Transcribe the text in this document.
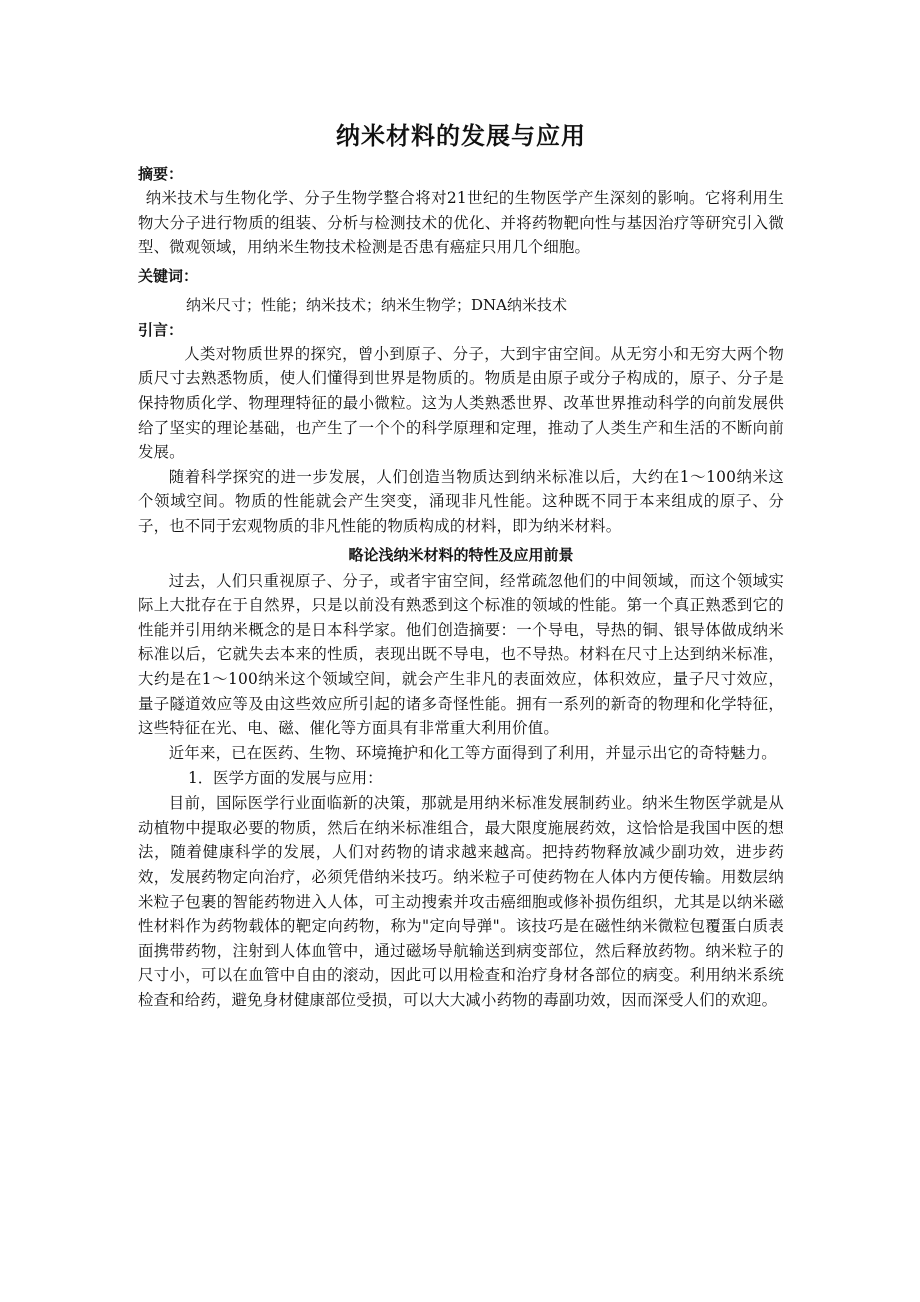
纳米材料的发展与应用

摘要：

纳米技术与生物化学、分子生物学整合将对21世纪的生物医学产生深刻的影响。它将利用生物大分子进行物质的组装、分析与检测技术的优化、并将药物靶向性与基因治疗等研究引入微型、微观领域，用纳米生物技术检测是否患有癌症只用几个细胞。

关键词：

纳米尺寸；性能；纳米技术；纳米生物学；DNA纳米技术

引言：

人类对物质世界的探究，曾小到原子、分子，大到宇宙空间。从无穷小和无穷大两个物质尺寸去熟悉物质，使人们懂得到世界是物质的。物质是由原子或分子构成的，原子、分子是保持物质化学、物理理特征的最小微粒。这为人类熟悉世界、改革世界推动科学的向前发展供给了坚实的理论基础，也产生了一个个的科学原理和定理，推动了人类生产和生活的不断向前发展。

随着科学探究的进一步发展，人们创造当物质达到纳米标准以后，大约在1～100纳米这个领域空间。物质的性能就会产生突变，涌现非凡性能。这种既不同于本来组成的原子、分子，也不同于宏观物质的非凡性能的物质构成的材料，即为纳米材料。

略论浅纳米材料的特性及应用前景

过去，人们只重视原子、分子，或者宇宙空间，经常疏忽他们的中间领域，而这个领域实际上大批存在于自然界，只是以前没有熟悉到这个标准的领域的性能。第一个真正熟悉到它的性能并引用纳米概念的是日本科学家。他们创造摘要：一个导电，导热的铜、银导体做成纳米标准以后，它就失去本来的性质，表现出既不导电，也不导热。材料在尺寸上达到纳米标准，大约是在1～100纳米这个领域空间，就会产生非凡的表面效应，体积效应，量子尺寸效应，量子隧道效应等及由这些效应所引起的诸多奇怪性能。拥有一系列的新奇的物理和化学特征，这些特征在光、电、磁、催化等方面具有非常重大利用价值。

近年来，已在医药、生物、环境掩护和化工等方面得到了利用，并显示出它的奇特魅力。

1．医学方面的发展与应用：

目前，国际医学行业面临新的决策，那就是用纳米标准发展制药业。纳米生物医学就是从动植物中提取必要的物质，然后在纳米标准组合，最大限度施展药效，这恰恰是我国中医的想法，随着健康科学的发展，人们对药物的请求越来越高。把持药物释放减少副功效，进步药效，发展药物定向治疗，必须凭借纳米技巧。纳米粒子可使药物在人体内方便传输。用数层纳米粒子包裹的智能药物进入人体，可主动搜索并攻击癌细胞或修补损伤组织，尤其是以纳米磁性材料作为药物载体的靶定向药物，称为"定向导弹"。该技巧是在磁性纳米微粒包覆蛋白质表面携带药物，注射到人体血管中，通过磁场导航输送到病变部位，然后释放药物。纳米粒子的尺寸小，可以在血管中自由的滚动，因此可以用检查和治疗身材各部位的病变。利用纳米系统检查和给药，避免身材健康部位受损，可以大大减小药物的毒副功效，因而深受人们的欢迎。
